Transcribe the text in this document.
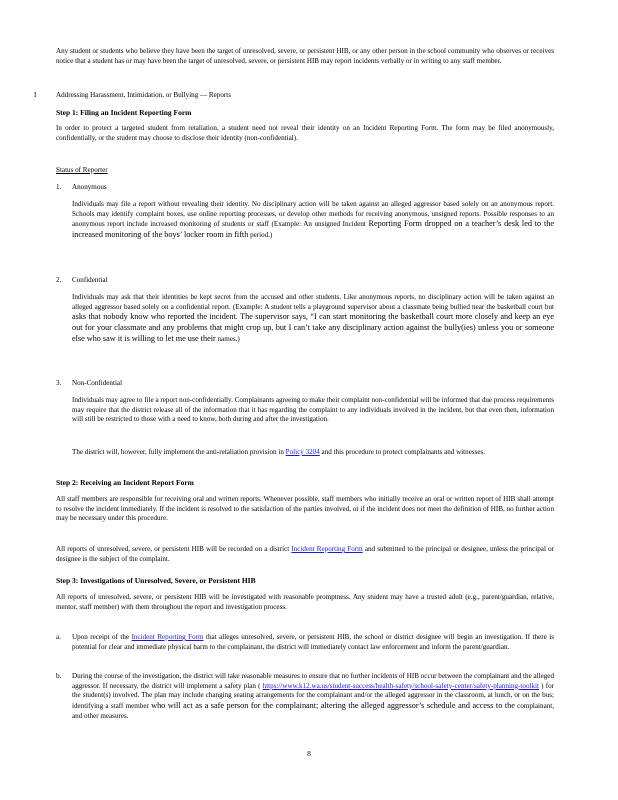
Any student or students who believe they have been the target of unresolved, severe, or persistent HIB, or any other person in the school community who observes or receives notice that a student has or may have been the target of unresolved, severe, or persistent HIB may report incidents verbally or in writing to any staff member.

I	Addressing Harassment, Intimidation, or Bullying — Reports
Step 1: Filing an Incident Reporting Form

In order to protect a targeted student from retaliation, a student need not reveal their identity on an Incident Reporting Form. The form may be filed anonymously, confidentially, or the student may choose to disclose their identity (non-confidential).

Status of Reporter
1. Anonymous

Individuals may file a report without revealing their identity. No disciplinary action will be taken against an alleged aggressor based solely on an anonymous report. Schools may identify complaint boxes, use online reporting processes, or develop other methods for receiving anonymous, unsigned reports. Possible responses to an anonymous report include increased monitoring of students or staff (Example: An unsigned Incident Reporting Form dropped on a teacher’s desk led to the increased monitoring of the boys’ locker room in fifth period.)

2. Confidential

Individuals may ask that their identities be kept secret from the accused and other students. Like anonymous reports, no disciplinary action will be taken against an alleged aggressor based solely on a confidential report. (Example: A student tells a playground supervisor about a classmate being bullied near the basketball court but asks that nobody know who reported the incident. The supervisor says, “I can start monitoring the basketball court more closely and keep an eye out for your classmate and any problems that might crop up, but I can’t take any disciplinary action against the bully(ies) unless you or someone else who saw it is willing to let me use their names.)

3. Non-Confidential

Individuals may agree to file a report non-confidentially. Complainants agreeing to make their complaint non-confidential will be informed that due process requirements may require that the district release all of the information that it has regarding the complaint to any individuals involved in the incident, but that even then, information will still be restricted to those with a need to know, both during and after the investigation.

The district will, however, fully implement the anti-retaliation provision in Policy 3204 and this procedure to protect complainants and witnesses.

Step 2: Receiving an Incident Report Form

All staff members are responsible for receiving oral and written reports. Whenever possible, staff members who initially receive an oral or written report of HIB shall attempt to resolve the incident immediately. If the incident is resolved to the satisfaction of the parties involved, or if the incident does not meet the definition of HIB, no further action may be necessary under this procedure.

All reports of unresolved, severe, or persistent HIB will be recorded on a district Incident Reporting Form and submitted to the principal or designee, unless the principal or designee is the subject of the complaint.

Step 3: Investigations of Unresolved, Severe, or Persistent HIB

All reports of unresolved, severe, or persistent HIB will be investigated with reasonable promptness. Any student may have a trusted adult (e.g., parent/guardian, relative, mentor, staff member) with them throughout the report and investigation process.

a. Upon receipt of the Incident Reporting Form that alleges unresolved, severe, or persistent HIB, the school or district designee will begin an investigation. If there is potential for clear and immediate physical harm to the complainant, the district will immediately contact law enforcement and inform the parent/guardian.

b. During the course of the investigation, the district will take reasonable measures to ensure that no further incidents of HIB occur between the complainant and the alleged aggressor. If necessary, the district will implement a safety plan ( https://www.k12.wa.us/student-success/health-safety/school-safety-center/safety-planning-toolkit ) for the student(s) involved. The plan may include changing seating arrangements for the complainant and/or the alleged aggressor in the classroom, at lunch, or on the bus; identifying a staff member who will act as a safe person for the complainant; altering the alleged aggressor’s schedule and access to the complainant, and other measures.

8
